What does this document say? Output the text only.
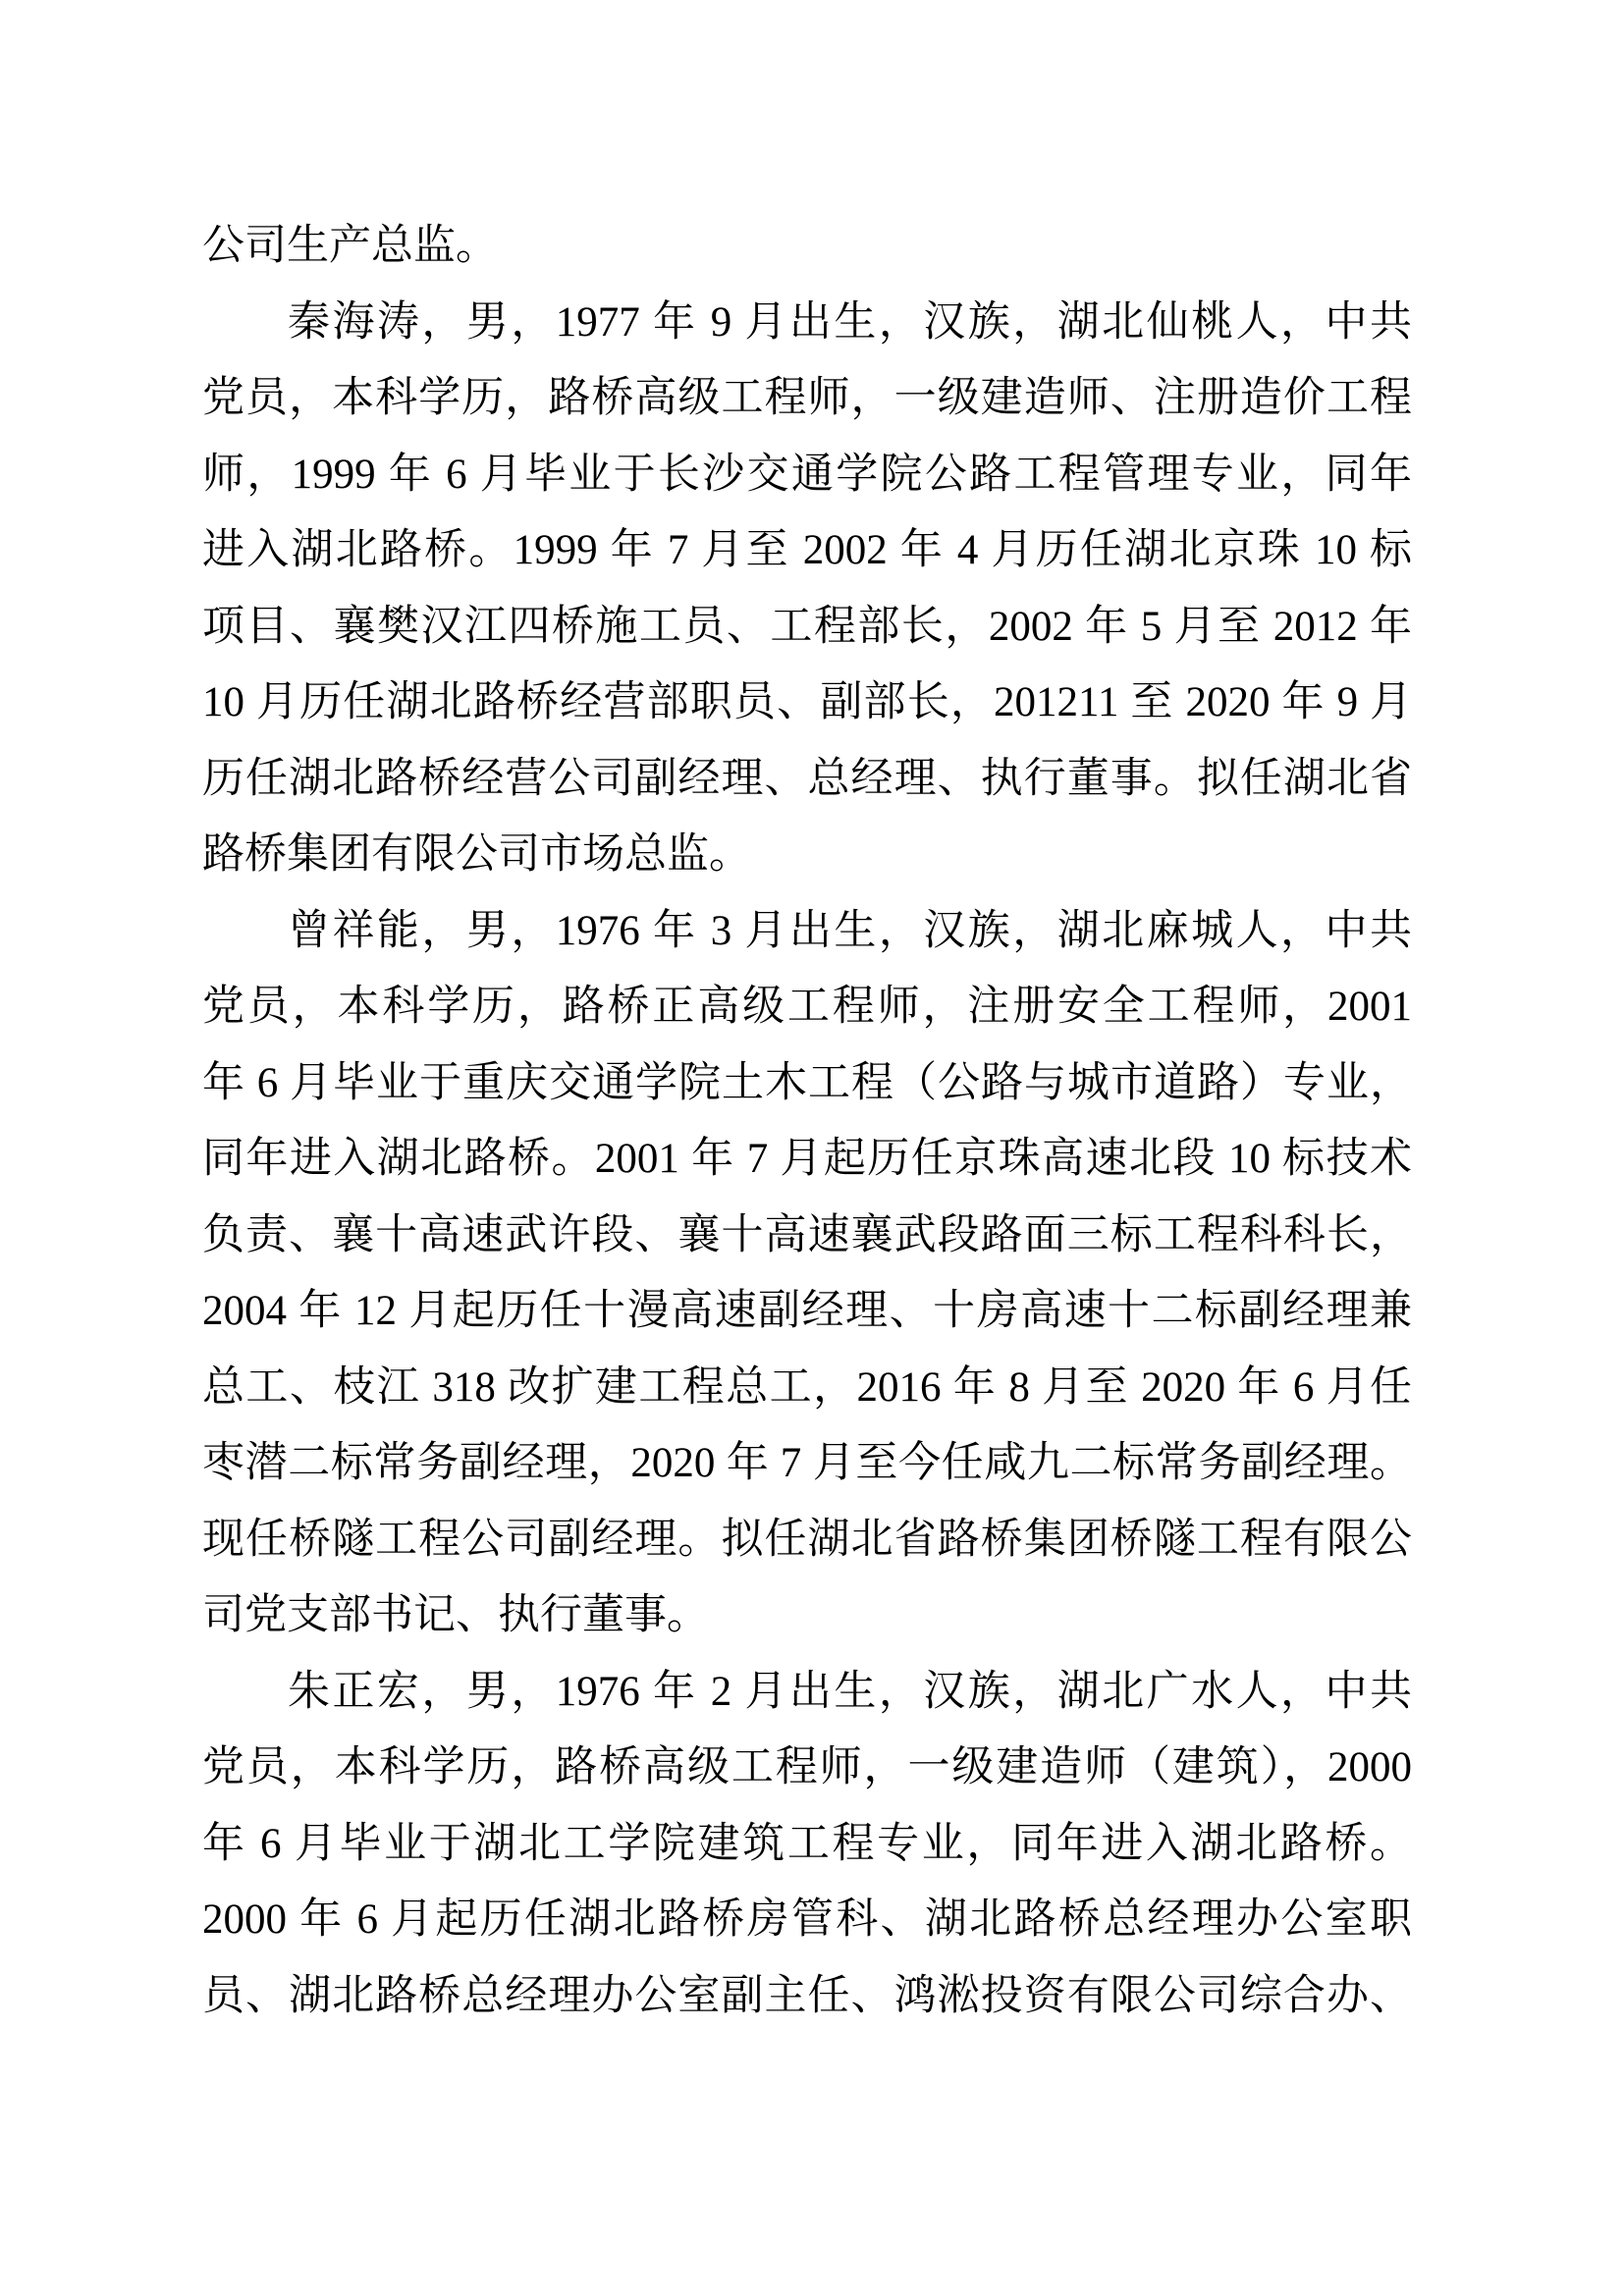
公司生产总监。
秦海涛，男，1977 年 9 月出生，汉族，湖北仙桃人，中共
党员，本科学历，路桥高级工程师，一级建造师、注册造价工程
师，1999 年 6 月毕业于长沙交通学院公路工程管理专业，同年
进入湖北路桥。1999 年 7 月至 2002 年 4 月历任湖北京珠 10 标
项目、襄樊汉江四桥施工员、工程部长，2002 年 5 月至 2012 年
10 月历任湖北路桥经营部职员、副部长，201211 至 2020 年 9 月
历任湖北路桥经营公司副经理、总经理、执行董事。拟任湖北省
路桥集团有限公司市场总监。
曾祥能，男，1976 年 3 月出生，汉族，湖北麻城人，中共
党员，本科学历，路桥正高级工程师，注册安全工程师，2001
年 6 月毕业于重庆交通学院土木工程（公路与城市道路）专业，
同年进入湖北路桥。2001 年 7 月起历任京珠高速北段 10 标技术
负责、襄十高速武许段、襄十高速襄武段路面三标工程科科长，
2004 年 12 月起历任十漫高速副经理、十房高速十二标副经理兼
总工、枝江 318 改扩建工程总工，2016 年 8 月至 2020 年 6 月任
枣潜二标常务副经理，2020 年 7 月至今任咸九二标常务副经理。
现任桥隧工程公司副经理。拟任湖北省路桥集团桥隧工程有限公
司党支部书记、执行董事。
朱正宏，男，1976 年 2 月出生，汉族，湖北广水人，中共
党员，本科学历，路桥高级工程师，一级建造师（建筑），2000
年 6 月毕业于湖北工学院建筑工程专业，同年进入湖北路桥。
2000 年 6 月起历任湖北路桥房管科、湖北路桥总经理办公室职
员、湖北路桥总经理办公室副主任、鸿淞投资有限公司综合办、
